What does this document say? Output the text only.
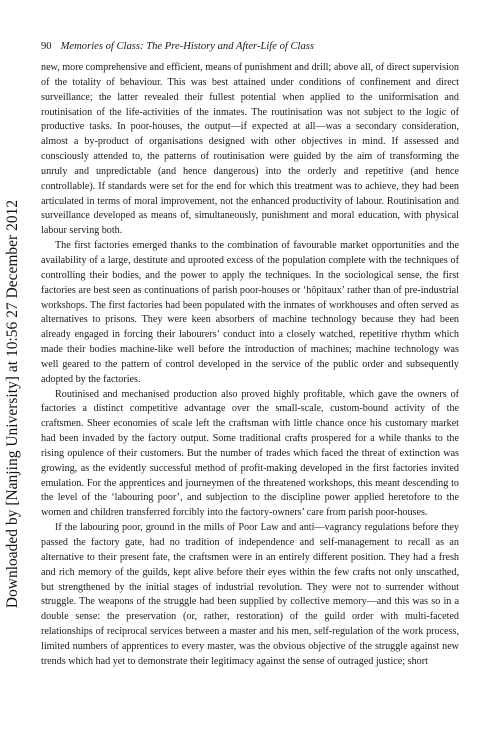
Downloaded by [Nanjing University] at 10:56 27 December 2012
90 Memories of Class: The Pre-History and After-Life of Class

new, more comprehensive and efficient, means of punishment and drill; above all, of direct supervision of the totality of behaviour. This was best attained under conditions of confinement and direct surveillance; the latter revealed their fullest potential when applied to the uniformisation and routinisation of the life-activities of the inmates. The routinisation was not subject to the logic of productive tasks. In poor-houses, the output—if expected at all—was a secondary consideration, almost a by-product of organisations designed with other objectives in mind. If assessed and consciously attended to, the patterns of routinisation were guided by the aim of transforming the unruly and unpredictable (and hence dangerous) into the orderly and repetitive (and hence controllable). If standards were set for the end for which this treatment was to achieve, they had been articulated in terms of moral improvement, not the enhanced productivity of labour. Routinisation and surveillance developed as means of, simultaneously, punishment and moral education, with physical labour serving both.

The first factories emerged thanks to the combination of favourable market opportunities and the availability of a large, destitute and uprooted excess of the population complete with the techniques of controlling their bodies, and the power to apply the techniques. In the sociological sense, the first factories are best seen as continuations of parish poor-houses or ‘hôpitaux’ rather than of pre-industrial workshops. The first factories had been populated with the inmates of workhouses and often served as alternatives to prisons. They were keen absorbers of machine technology because they had been already engaged in forcing their labourers’ conduct into a closely watched, repetitive rhythm which made their bodies machine-like well before the introduction of machines; machine technology was well geared to the pattern of control developed in the service of the public order and subsequently adopted by the factories.

Routinised and mechanised production also proved highly profitable, which gave the owners of factories a distinct competitive advantage over the small-scale, custom-bound activity of the craftsmen. Sheer economies of scale left the craftsman with little chance once his customary market had been invaded by the factory output. Some traditional crafts prospered for a while thanks to the rising opulence of their customers. But the number of trades which faced the threat of extinction was growing, as the evidently successful method of profit-making developed in the first factories invited emulation. For the apprentices and journeymen of the threatened workshops, this meant descending to the level of the ‘labouring poor’, and subjection to the discipline power applied heretofore to the women and children transferred forcibly into the factory-owners’ care from parish poor-houses.

If the labouring poor, ground in the mills of Poor Law and anti—vagrancy regulations before they passed the factory gate, had no tradition of independence and self-management to recall as an alternative to their present fate, the craftsmen were in an entirely different position. They had a fresh and rich memory of the guilds, kept alive before their eyes within the few crafts not only unscathed, but strengthened by the initial stages of industrial revolution. They were not to surrender without struggle. The weapons of the struggle had been supplied by collective memory—and this was so in a double sense: the preservation (or, rather, restoration) of the guild order with multi-faceted relationships of reciprocal services between a master and his men, self-regulation of the work process, limited numbers of apprentices to every master, was the obvious objective of the struggle against new trends which had yet to demonstrate their legitimacy against the sense of outraged justice; short
